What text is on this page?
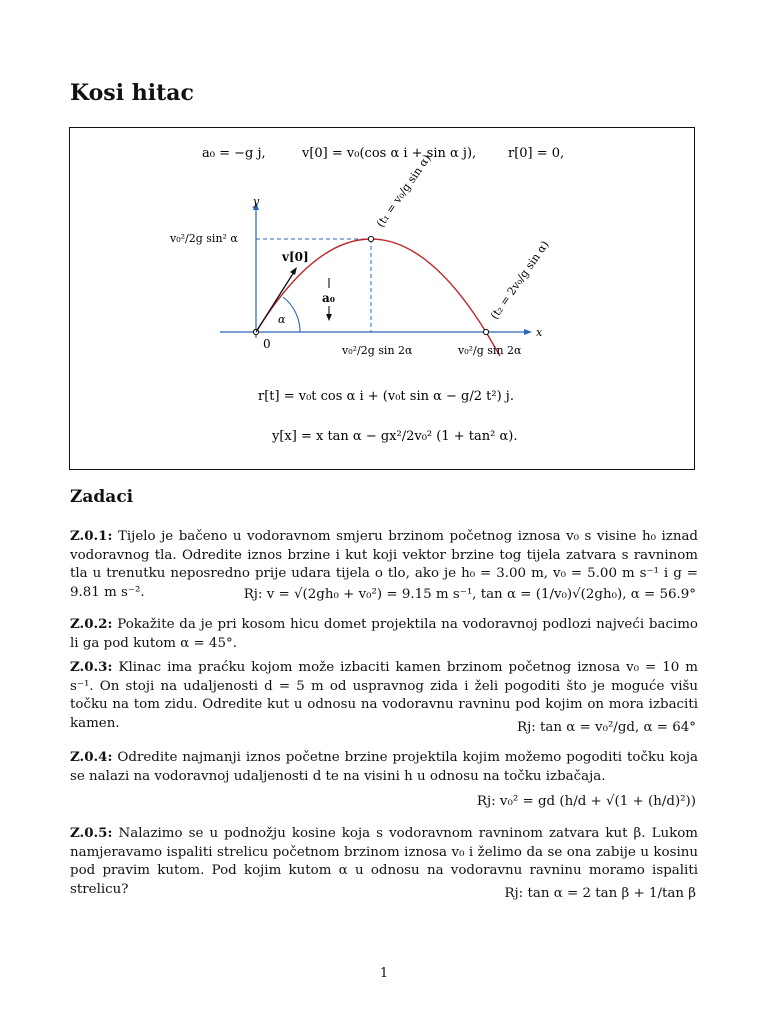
Kosi hitac
a₀ = −g j,	v[0] = v₀(cos α i + sin α j), r[0] = 0,
y
x
0
v[0]
α
a₀
v₀²/2g sin² α
v₀²/2g sin 2α	v₀²/g sin 2α
(t₁ = v₀/g sin α)
(t₂ = 2v₀/g sin α)
r[t] = v₀t cos α i + (v₀t sin α − g/2 t²) j.
y[x] = x tan α − gx²/2v₀² (1 + tan² α).
Zadaci
Z.0.1: Tijelo je bačeno u vodoravnom smjeru brzinom početnog iznosa v₀ s visine h₀ iznad vodoravnog tla. Odredite iznos brzine i kut koji vektor brzine tog tijela zatvara s ravninom tla u trenutku neposredno prije udara tijela o tlo, ako je h₀ = 3.00 m, v₀ = 5.00 m s⁻¹ i g = 9.81 m s⁻².	Rj: v = √(2gh₀ + v₀²) = 9.15 m s⁻¹, tan α = (1/v₀)√(2gh₀), α = 56.9°
Z.0.2: Pokažite da je pri kosom hicu domet projektila na vodoravnoj podlozi najveći bacimo li ga pod kutom α = 45°.
Z.0.3: Klinac ima praćku kojom može izbaciti kamen brzinom početnog iznosa v₀ = 10 m s⁻¹. On stoji na udaljenosti d = 5 m od uspravnog zida i želi pogoditi što je moguće višu točku na tom zidu. Odredite kut u odnosu na vodoravnu ravninu pod kojim on mora izbaciti kamen.	Rj: tan α = v₀²/gd, α = 64°
Z.0.4: Odredite najmanji iznos početne brzine projektila kojim možemo pogoditi točku koja se nalazi na vodoravnoj udaljenosti d te na visini h u odnosu na točku izbačaja.
Rj: v₀² = gd (h/d + √(1 + (h/d)²))
Z.0.5: Nalazimo se u podnožju kosine koja s vodoravnom ravninom zatvara kut β. Lukom namjeravamo ispaliti strelicu početnom brzinom iznosa v₀ i želimo da se ona zabije u kosinu pod pravim kutom. Pod kojim kutom α u odnosu na vodoravnu ravninu moramo ispaliti strelicu?	Rj: tan α = 2 tan β + 1/tan β
1
